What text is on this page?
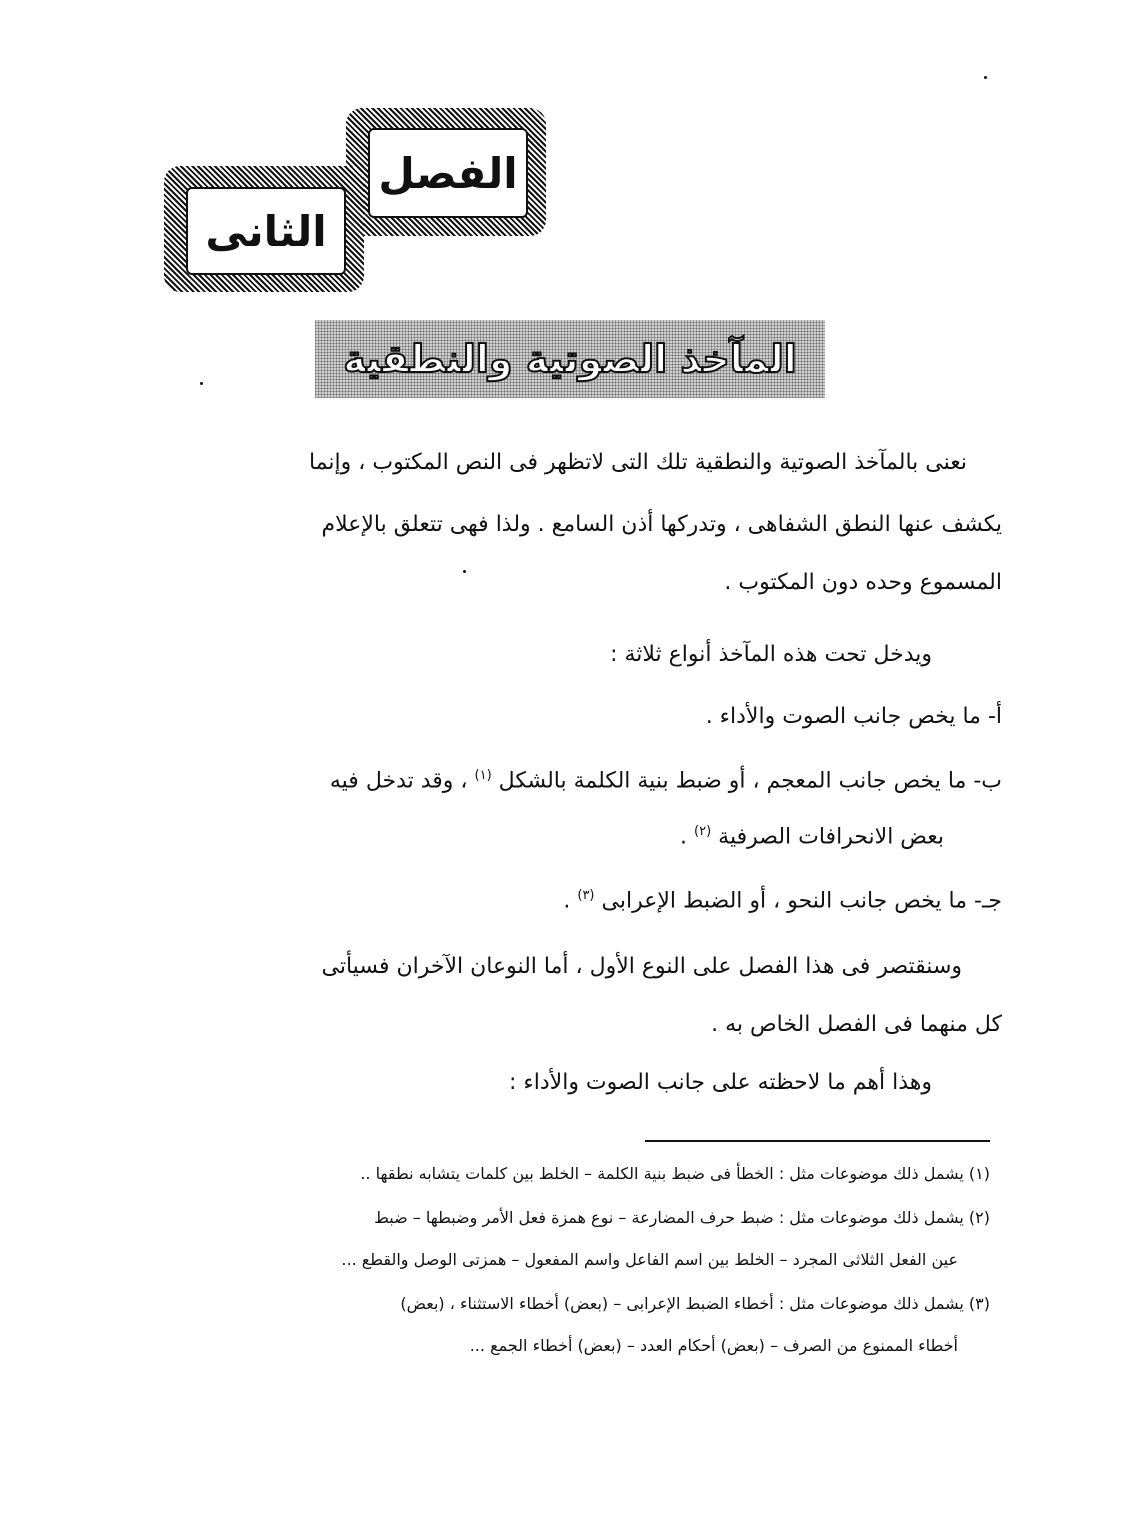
الفصل
الثانى
المآخذ الصوتية والنطقية
نعنى بالمآخذ الصوتية والنطقية تلك التى لاتظهر فى النص المكتوب ، وإنما
يكشف عنها النطق الشفاهى ، وتدركها أذن السامع . ولذا فهى تتعلق بالإعلام
المسموع وحده دون المكتوب .
ويدخل تحت هذه المآخذ أنواع ثلاثة :
أ- ما يخص جانب الصوت والأداء .
ب- ما يخص جانب المعجم ، أو ضبط بنية الكلمة بالشكل $^{(١)}$ ، وقد تدخل فيه
بعض الانحرافات الصرفية $^{(٢)}$ .
جـ- ما يخص جانب النحو ، أو الضبط الإعرابى $^{(٣)}$ .
وسنقتصر فى هذا الفصل على النوع الأول ، أما النوعان الآخران فسيأتى
كل منهما فى الفصل الخاص به .
وهذا أهم ما لاحظته على جانب الصوت والأداء :
(١) يشمل ذلك موضوعات مثل : الخطأ فى ضبط بنية الكلمة – الخلط بين كلمات يتشابه نطقها ..
(٢) يشمل ذلك موضوعات مثل : ضبط حرف المضارعة – نوع همزة فعل الأمر وضبطها – ضبط
عين الفعل الثلاثى المجرد – الخلط بين اسم الفاعل واسم المفعول – همزتى الوصل والقطع ...
(٣) يشمل ذلك موضوعات مثل : أخطاء الضبط الإعرابى – (بعض) أخطاء الاستثناء ، (بعض)
أخطاء الممنوع من الصرف – (بعض) أحكام العدد – (بعض) أخطاء الجمع ...
